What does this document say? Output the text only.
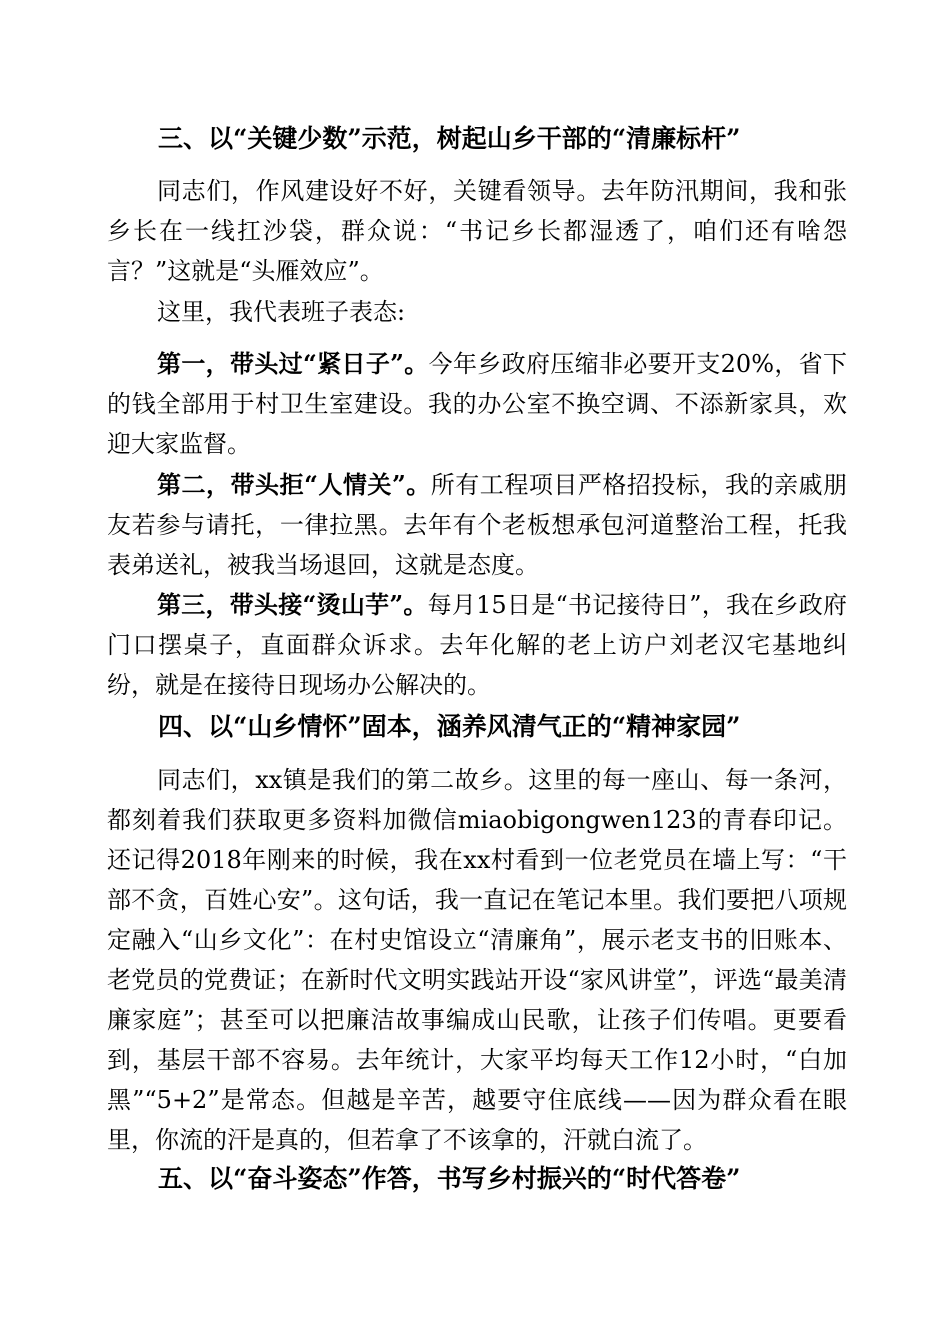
三、以“关键少数”示范，树起山乡干部的“清廉标杆”

同志们，作风建设好不好，关键看领导。去年防汛期间，我和张乡长在一线扛沙袋，群众说：“书记乡长都湿透了，咱们还有啥怨言？”这就是“头雁效应”。

这里，我代表班子表态:

第一，带头过“紧日子”。今年乡政府压缩非必要开支20%，省下的钱全部用于村卫生室建设。我的办公室不换空调、不添新家具，欢迎大家监督。

第二，带头拒“人情关”。所有工程项目严格招投标，我的亲戚朋友若参与请托，一律拉黑。去年有个老板想承包河道整治工程，托我表弟送礼，被我当场退回，这就是态度。

第三，带头接“烫山芋”。每月15日是“书记接待日”，我在乡政府门口摆桌子，直面群众诉求。去年化解的老上访户刘老汉宅基地纠纷，就是在接待日现场办公解决的。

四、以“山乡情怀”固本，涵养风清气正的“精神家园”

同志们，xx镇是我们的第二故乡。这里的每一座山、每一条河，都刻着我们获取更多资料加微信miaobigongwen123的青春印记。还记得2018年刚来的时候，我在xx村看到一位老党员在墙上写：“干部不贪，百姓心安”。这句话，我一直记在笔记本里。我们要把八项规定融入“山乡文化”：在村史馆设立“清廉角”，展示老支书的旧账本、老党员的党费证；在新时代文明实践站开设“家风讲堂”，评选“最美清廉家庭”；甚至可以把廉洁故事编成山民歌，让孩子们传唱。更要看到，基层干部不容易。去年统计，大家平均每天工作12小时，“白加黑”“5+2”是常态。但越是辛苦，越要守住底线——因为群众看在眼里，你流的汗是真的，但若拿了不该拿的，汗就白流了。

五、以“奋斗姿态”作答，书写乡村振兴的“时代答卷”
